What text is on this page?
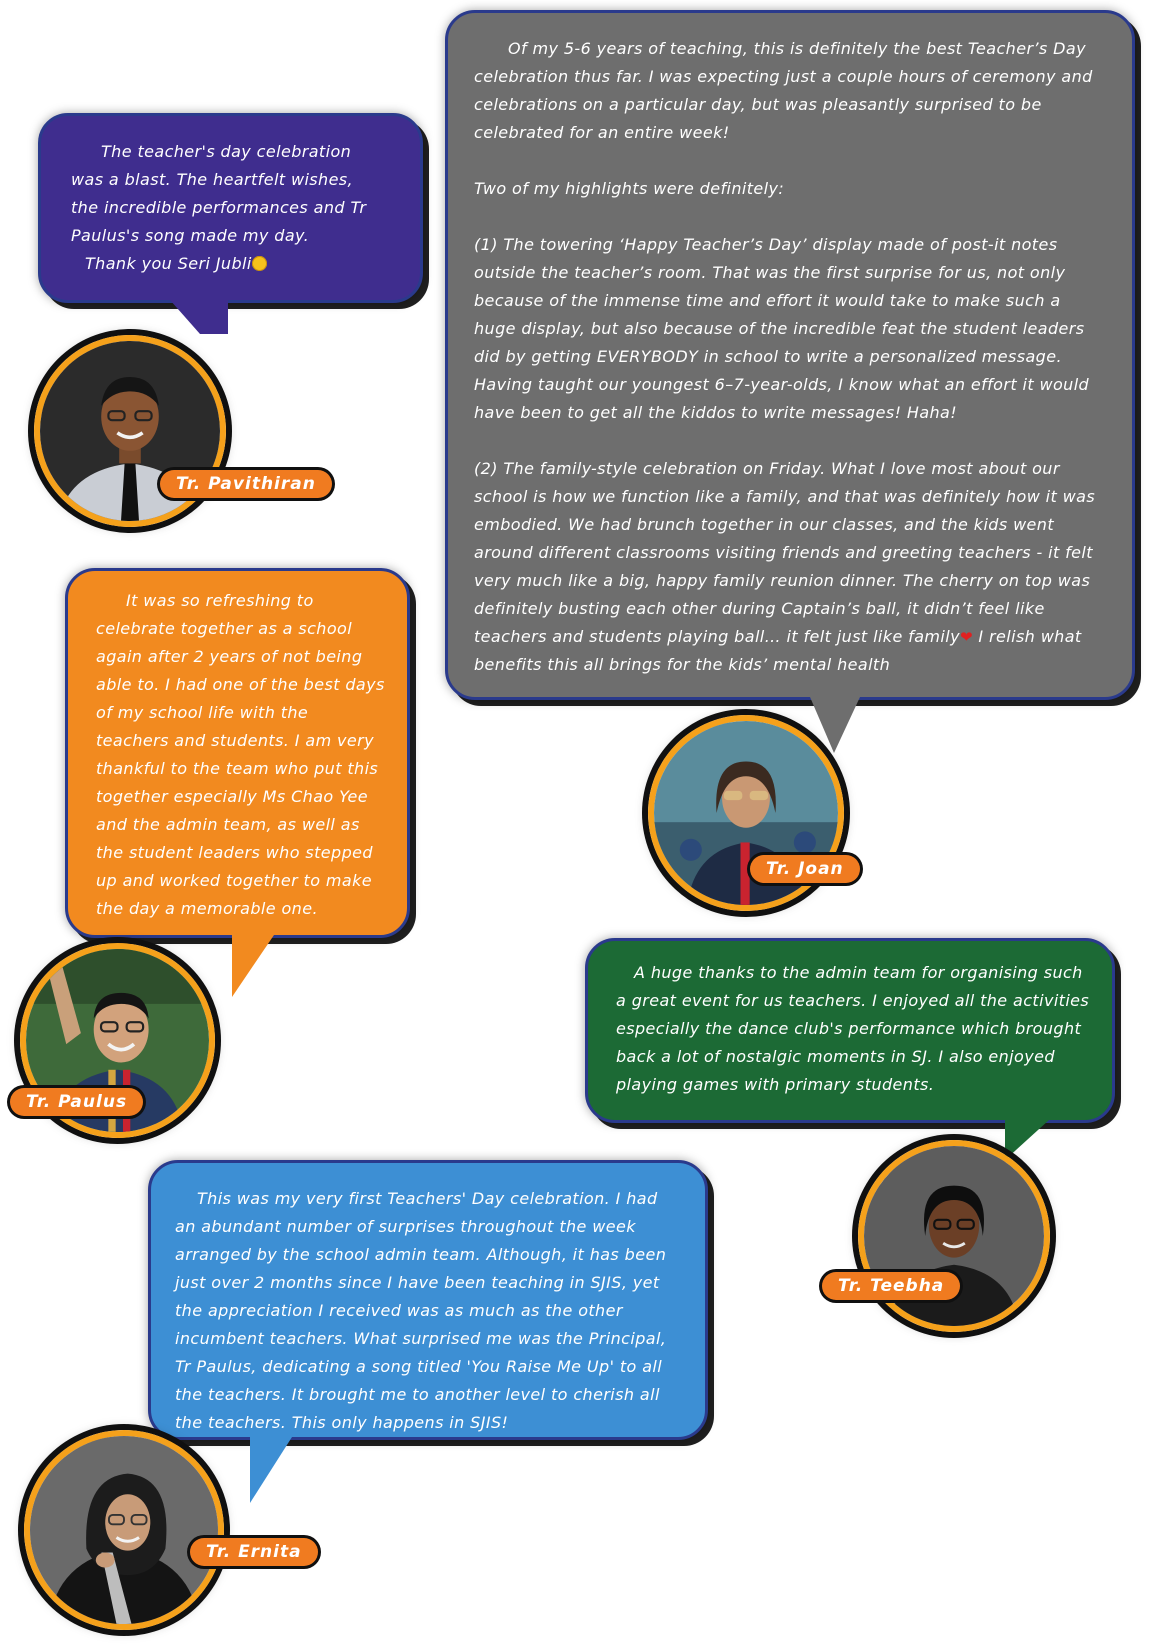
Of my 5-6 years of teaching, this is definitely the best Teacher’s Day celebration thus far. I was expecting just a couple hours of ceremony and celebrations on a particular day, but was pleasantly surprised to be celebrated for an entire week!

Two of my highlights were definitely:

(1) The towering ‘Happy Teacher’s Day’ display made of post-it notes outside the teacher’s room. That was the first surprise for us, not only because of the immense time and effort it would take to make such a huge display, but also because of the incredible feat the student leaders did by getting EVERYBODY in school to write a personalized message. Having taught our youngest 6–7-year-olds, I know what an effort it would have been to get all the kiddos to write messages! Haha!

(2) The family-style celebration on Friday. What I love most about our school is how we function like a family, and that was definitely how it was embodied. We had brunch together in our classes, and the kids went around different classrooms visiting friends and greeting teachers - it felt very much like a big, happy family reunion dinner. The cherry on top was definitely busting each other during Captain’s ball, it didn’t feel like teachers and students playing ball… it felt just like family❤ I relish what benefits this all brings for the kids’ mental health

The teacher's day celebration

was a blast. The heartfelt wishes,

the incredible performances and Tr

Paulus's song made my day.

Thank you Seri Jubli

It was so refreshing to celebrate together as a school again after 2 years of not being able to. I had one of the best days of my school life with the teachers and students. I am very thankful to the team who put this together especially Ms Chao Yee and the admin team, as well as the student leaders who stepped up and worked together to make the day a memorable one.

A huge thanks to the admin team for organising such a great event for us teachers. I enjoyed all the activities especially the dance club's performance which brought back a lot of nostalgic moments in SJ. I also enjoyed playing games with primary students.

This was my very first Teachers' Day celebration. I had an abundant number of surprises throughout the week arranged by the school admin team. Although, it has been just over 2 months since I have been teaching in SJIS, yet the appreciation I received was as much as the other incumbent teachers. What surprised me was the Principal, Tr Paulus, dedicating a song titled 'You Raise Me Up' to all the teachers. It brought me to another level to cherish all the teachers. This only happens in SJIS!

Tr. Pavithiran
Tr. Joan
Tr. Paulus
Tr. Teebha
Tr. Ernita
